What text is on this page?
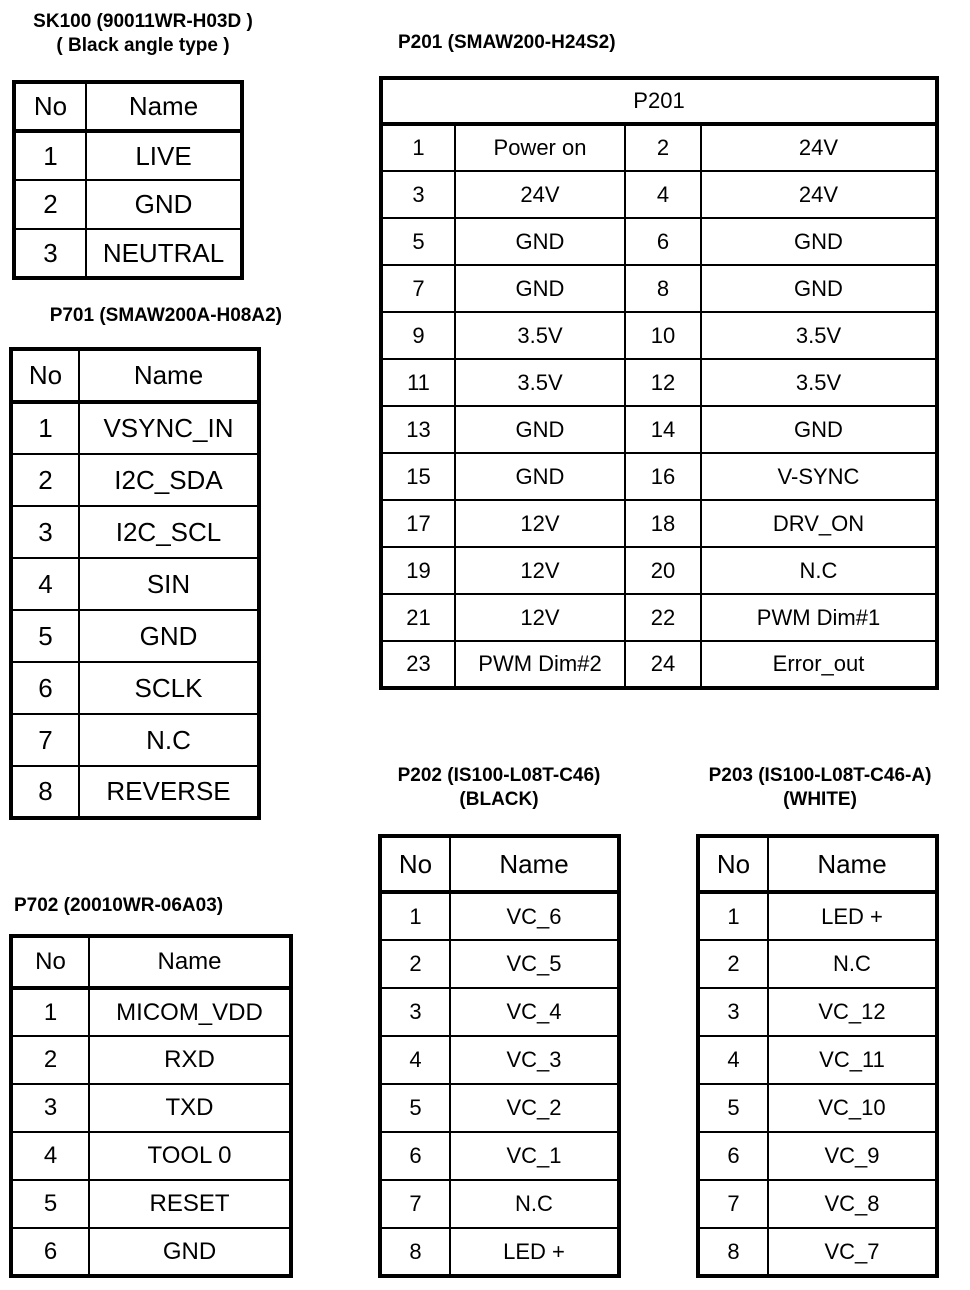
SK100 (90011WR-H03D )
( Black angle type )
No	Name
1	LIVE
2	GND
3	NEUTRAL
P701 (SMAW200A-H08A2)
No	Name
1	VSYNC_IN
2	I2C_SDA
3	I2C_SCL
4	SIN
5	GND
6	SCLK
7	N.C
8	REVERSE
P702 (20010WR-06A03)
No	Name
1	MICOM_VDD
2	RXD
3	TXD
4	TOOL 0
5	RESET
6	GND
P201 (SMAW200-H24S2)
P201			
1	Power on	2	24V
3	24V	4	24V
5	GND	6	GND
7	GND	8	GND
9	3.5V	10	3.5V
11	3.5V	12	3.5V
13	GND	14	GND
15	GND	16	V-SYNC
17	12V	18	DRV_ON
19	12V	20	N.C
21	12V	22	PWM Dim#1
23	PWM Dim#2	24	Error_out
P202 (IS100-L08T-C46)
(BLACK)
No	Name
1	VC_6
2	VC_5
3	VC_4
4	VC_3
5	VC_2
6	VC_1
7	N.C
8	LED +
P203 (IS100-L08T-C46-A)
(WHITE)
No	Name
1	LED +
2	N.C
3	VC_12
4	VC_11
5	VC_10
6	VC_9
7	VC_8
8	VC_7
